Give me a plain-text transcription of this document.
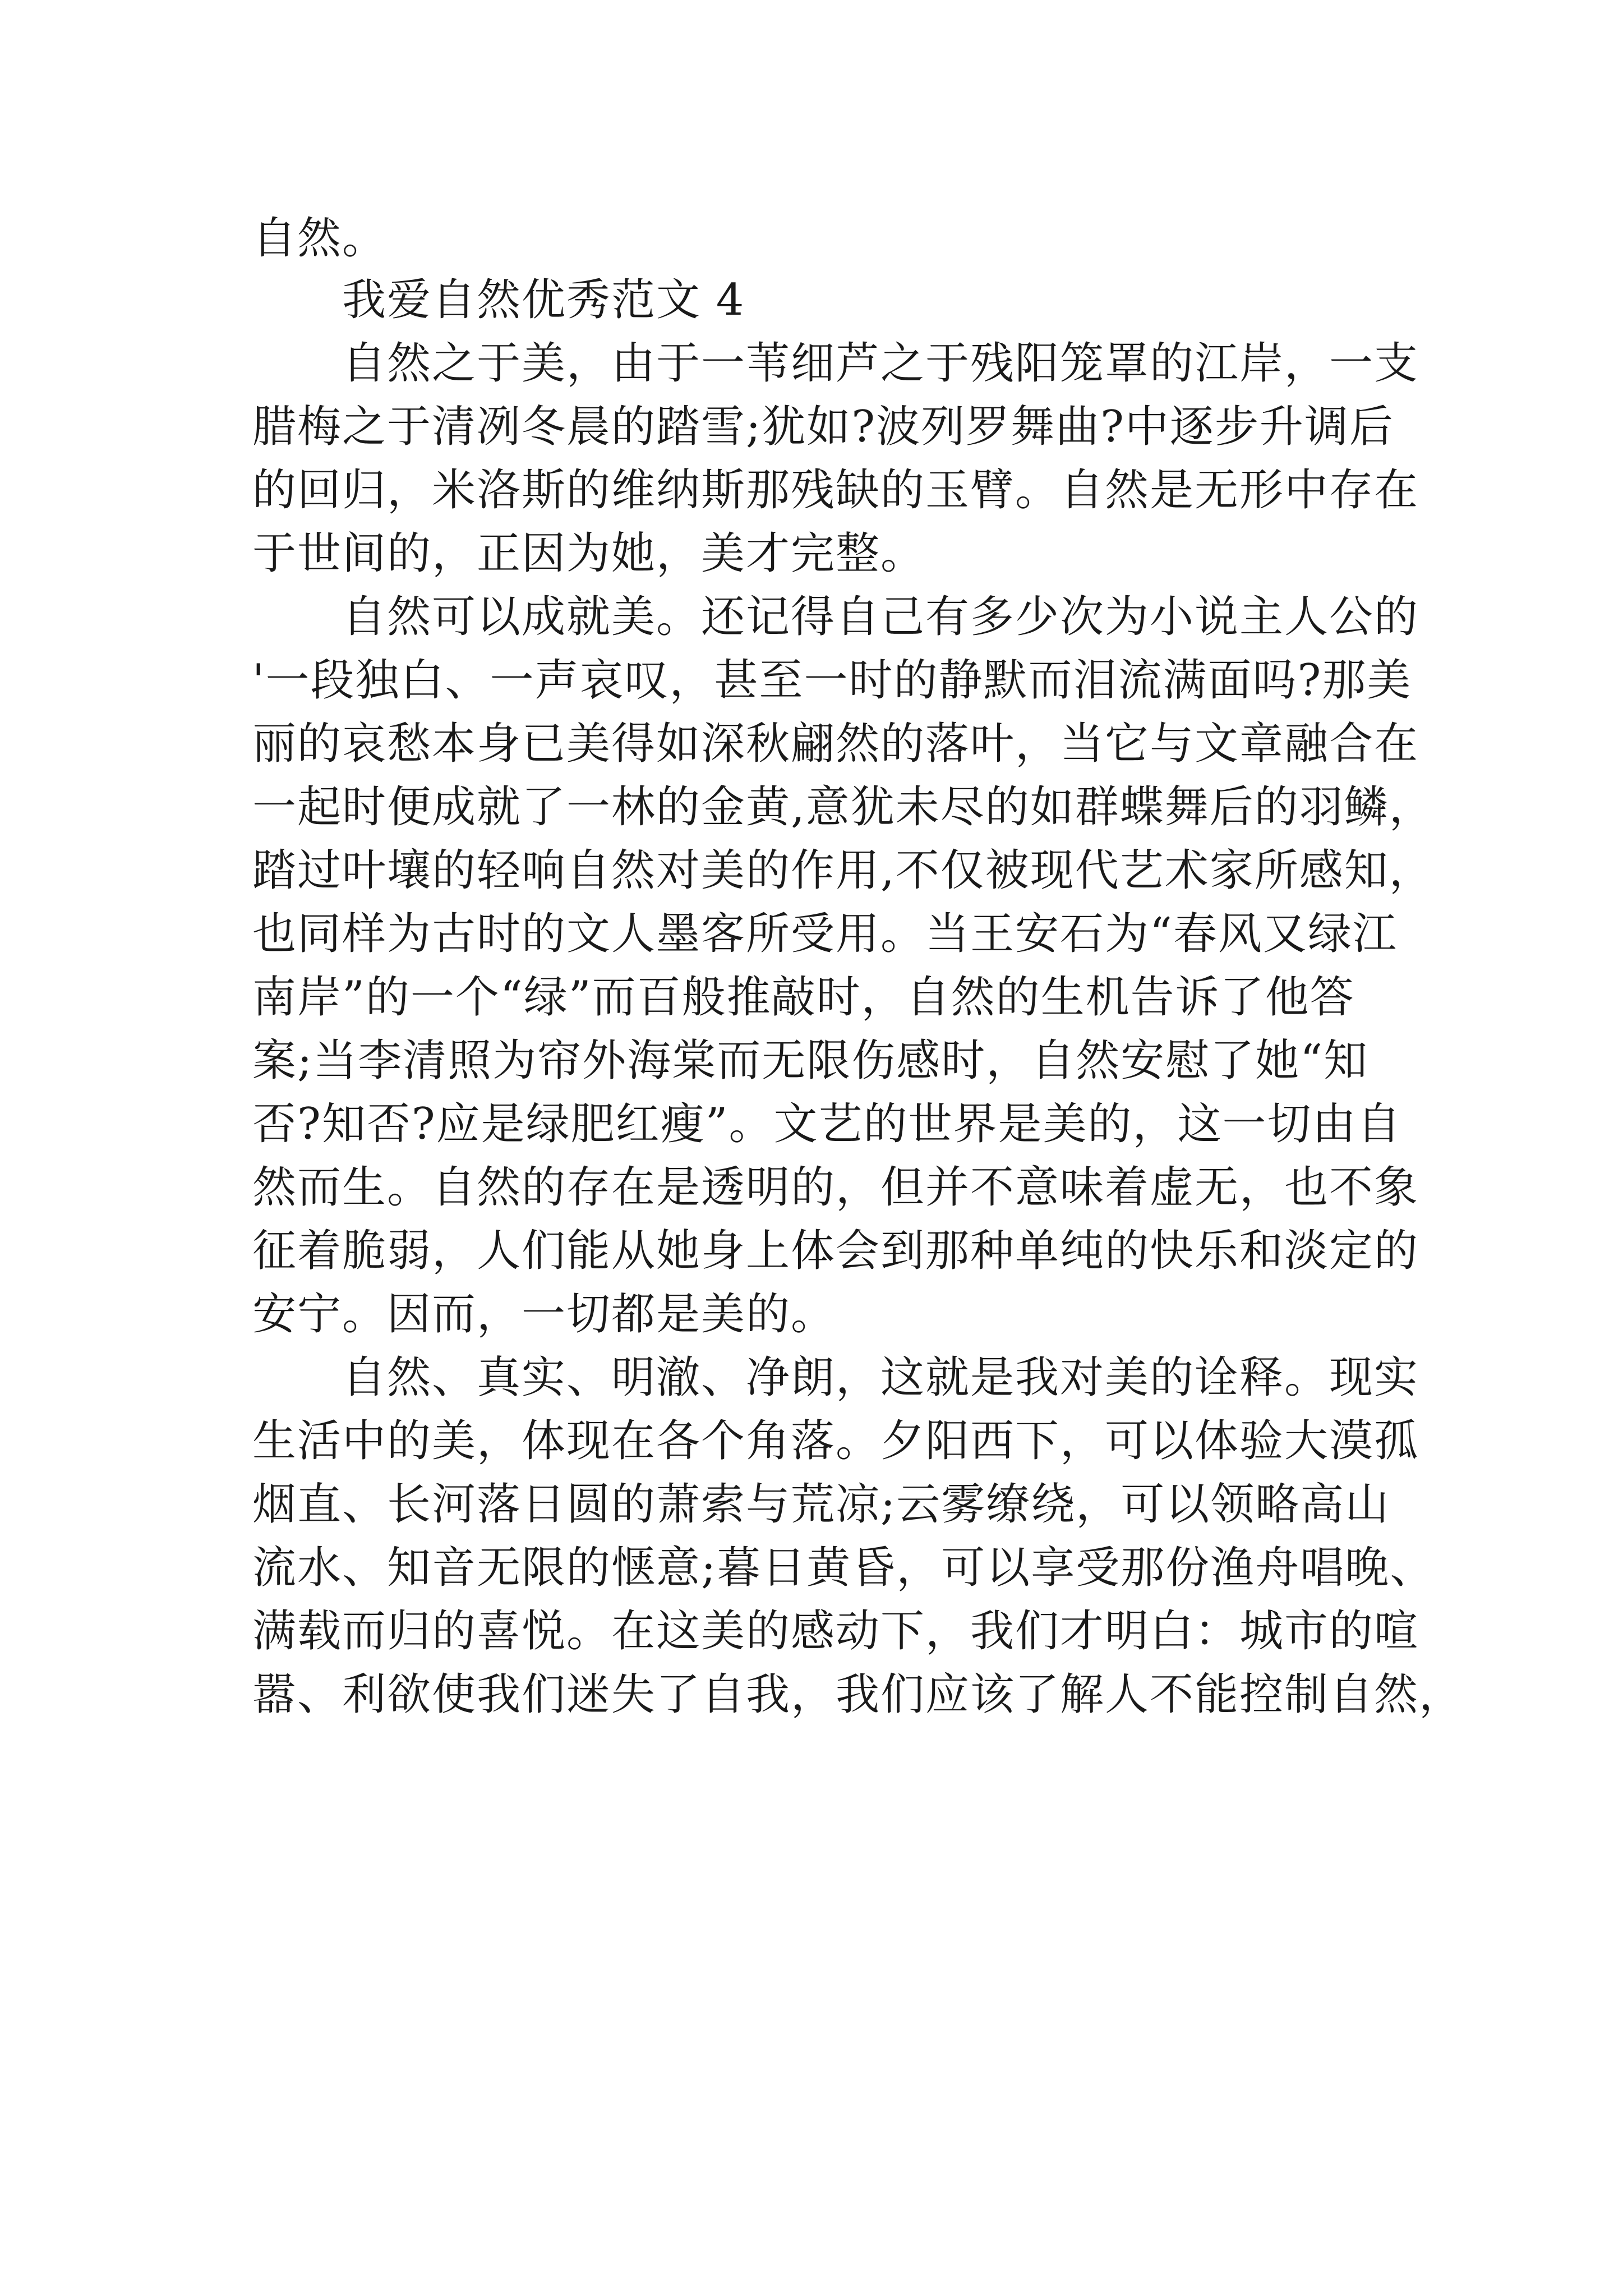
自然。
我爱自然优秀范文 4
自然之于美，由于一苇细芦之于残阳笼罩的江岸，一支
腊梅之于清冽冬晨的踏雪;犹如?波列罗舞曲?中逐步升调后
的回归，米洛斯的维纳斯那残缺的玉臂。自然是无形中存在
于世间的，正因为她，美才完整。
自然可以成就美。还记得自己有多少次为小说主人公的
'一段独白、一声哀叹，甚至一时的静默而泪流满面吗?那美
丽的哀愁本身已美得如深秋翩然的落叶，当它与文章融合在
一起时便成就了一林的金黄,意犹未尽的如群蝶舞后的羽鳞，
踏过叶壤的轻响自然对美的作用,不仅被现代艺术家所感知，
也同样为古时的文人墨客所受用。当王安石为“春风又绿江
南岸”的一个“绿”而百般推敲时，自然的生机告诉了他答
案;当李清照为帘外海棠而无限伤感时，自然安慰了她“知
否?知否?应是绿肥红瘦”。文艺的世界是美的，这一切由自
然而生。自然的存在是透明的，但并不意味着虚无，也不象
征着脆弱，人们能从她身上体会到那种单纯的快乐和淡定的
安宁。因而，一切都是美的。
自然、真实、明澈、净朗，这就是我对美的诠释。现实
生活中的美，体现在各个角落。夕阳西下，可以体验大漠孤
烟直、长河落日圆的萧索与荒凉;云雾缭绕，可以领略高山
流水、知音无限的惬意;暮日黄昏，可以享受那份渔舟唱晚、
满载而归的喜悦。在这美的感动下，我们才明白：城市的喧
嚣、利欲使我们迷失了自我，我们应该了解人不能控制自然，
